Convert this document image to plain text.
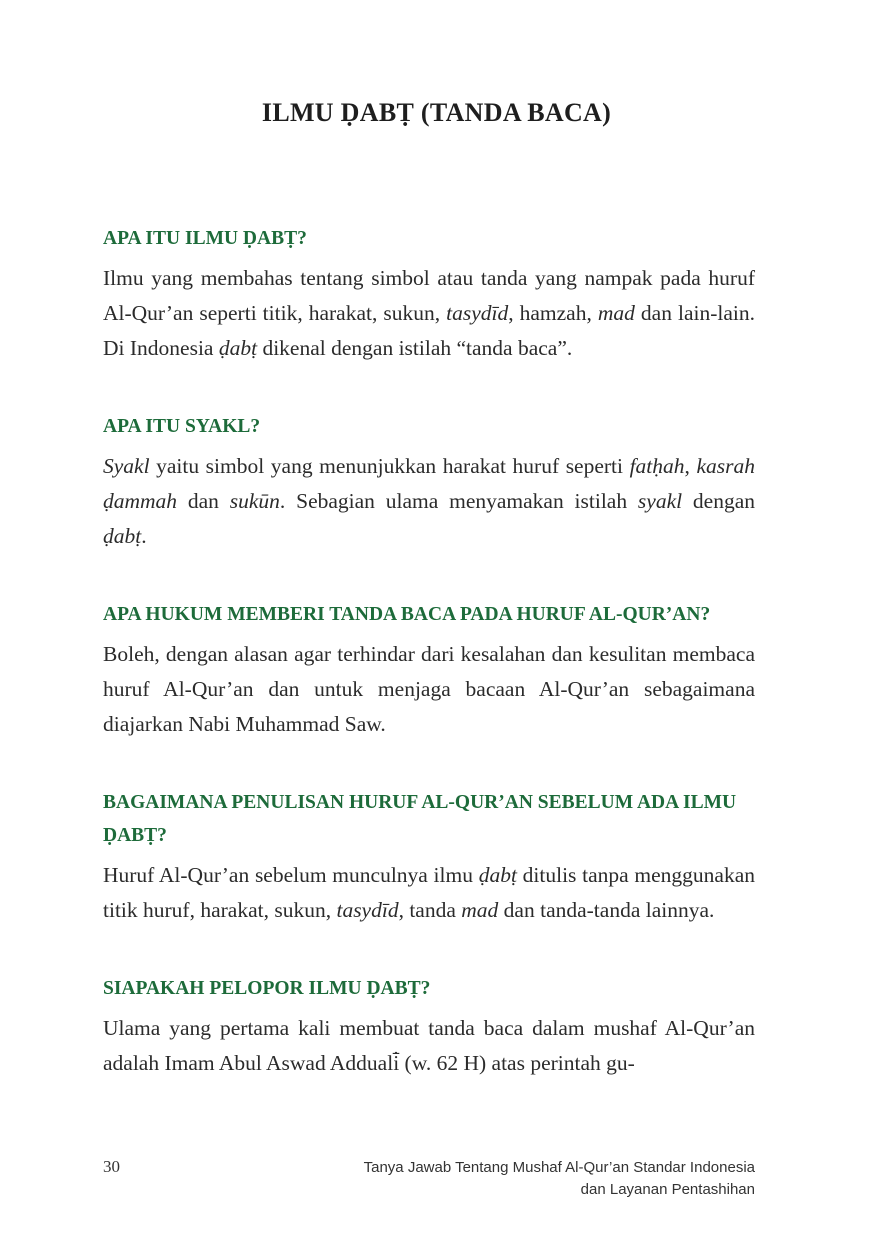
ILMU ḌABṬ (TANDA BACA)
APA ITU ILMU ḌABṬ?

Ilmu yang membahas tentang simbol atau tanda yang nampak pada huruf Al-Qur’an seperti titik, harakat, sukun, tasydīd, hamzah, mad dan lain-lain. Di Indonesia ḍabṭ dikenal dengan istilah “tanda baca”.

APA ITU SYAKL?

Syakl yaitu simbol yang menunjukkan harakat huruf seperti fatḥah, kasrah ḍammah dan sukūn. Sebagian ulama menyamakan istilah syakl dengan ḍabṭ.

APA HUKUM MEMBERI TANDA BACA PADA HURUF AL-QUR’AN?

Boleh, dengan alasan agar terhindar dari kesalahan dan kesulitan membaca huruf Al-Qur’an dan untuk menjaga bacaan Al-Qur’an sebagaimana diajarkan Nabi Muhammad Saw.

BAGAIMANA PENULISAN HURUF AL-QUR’AN SEBELUM ADA ILMU ḌABṬ?

Huruf Al-Qur’an sebelum munculnya ilmu ḍabṭ ditulis tanpa menggunakan titik huruf, harakat, sukun, tasydīd, tanda mad dan tanda-tanda lainnya.

SIAPAKAH PELOPOR ILMU ḌABṬ?

Ulama yang pertama kali membuat tanda baca dalam mushaf Al-Qur’an adalah Imam Abul Aswad Adduali̇̄ (w. 62 H) atas perintah gu-

30	Tanya Jawab Tentang Mushaf Al-Qur’an Standar Indonesia
dan Layanan Pentashihan
